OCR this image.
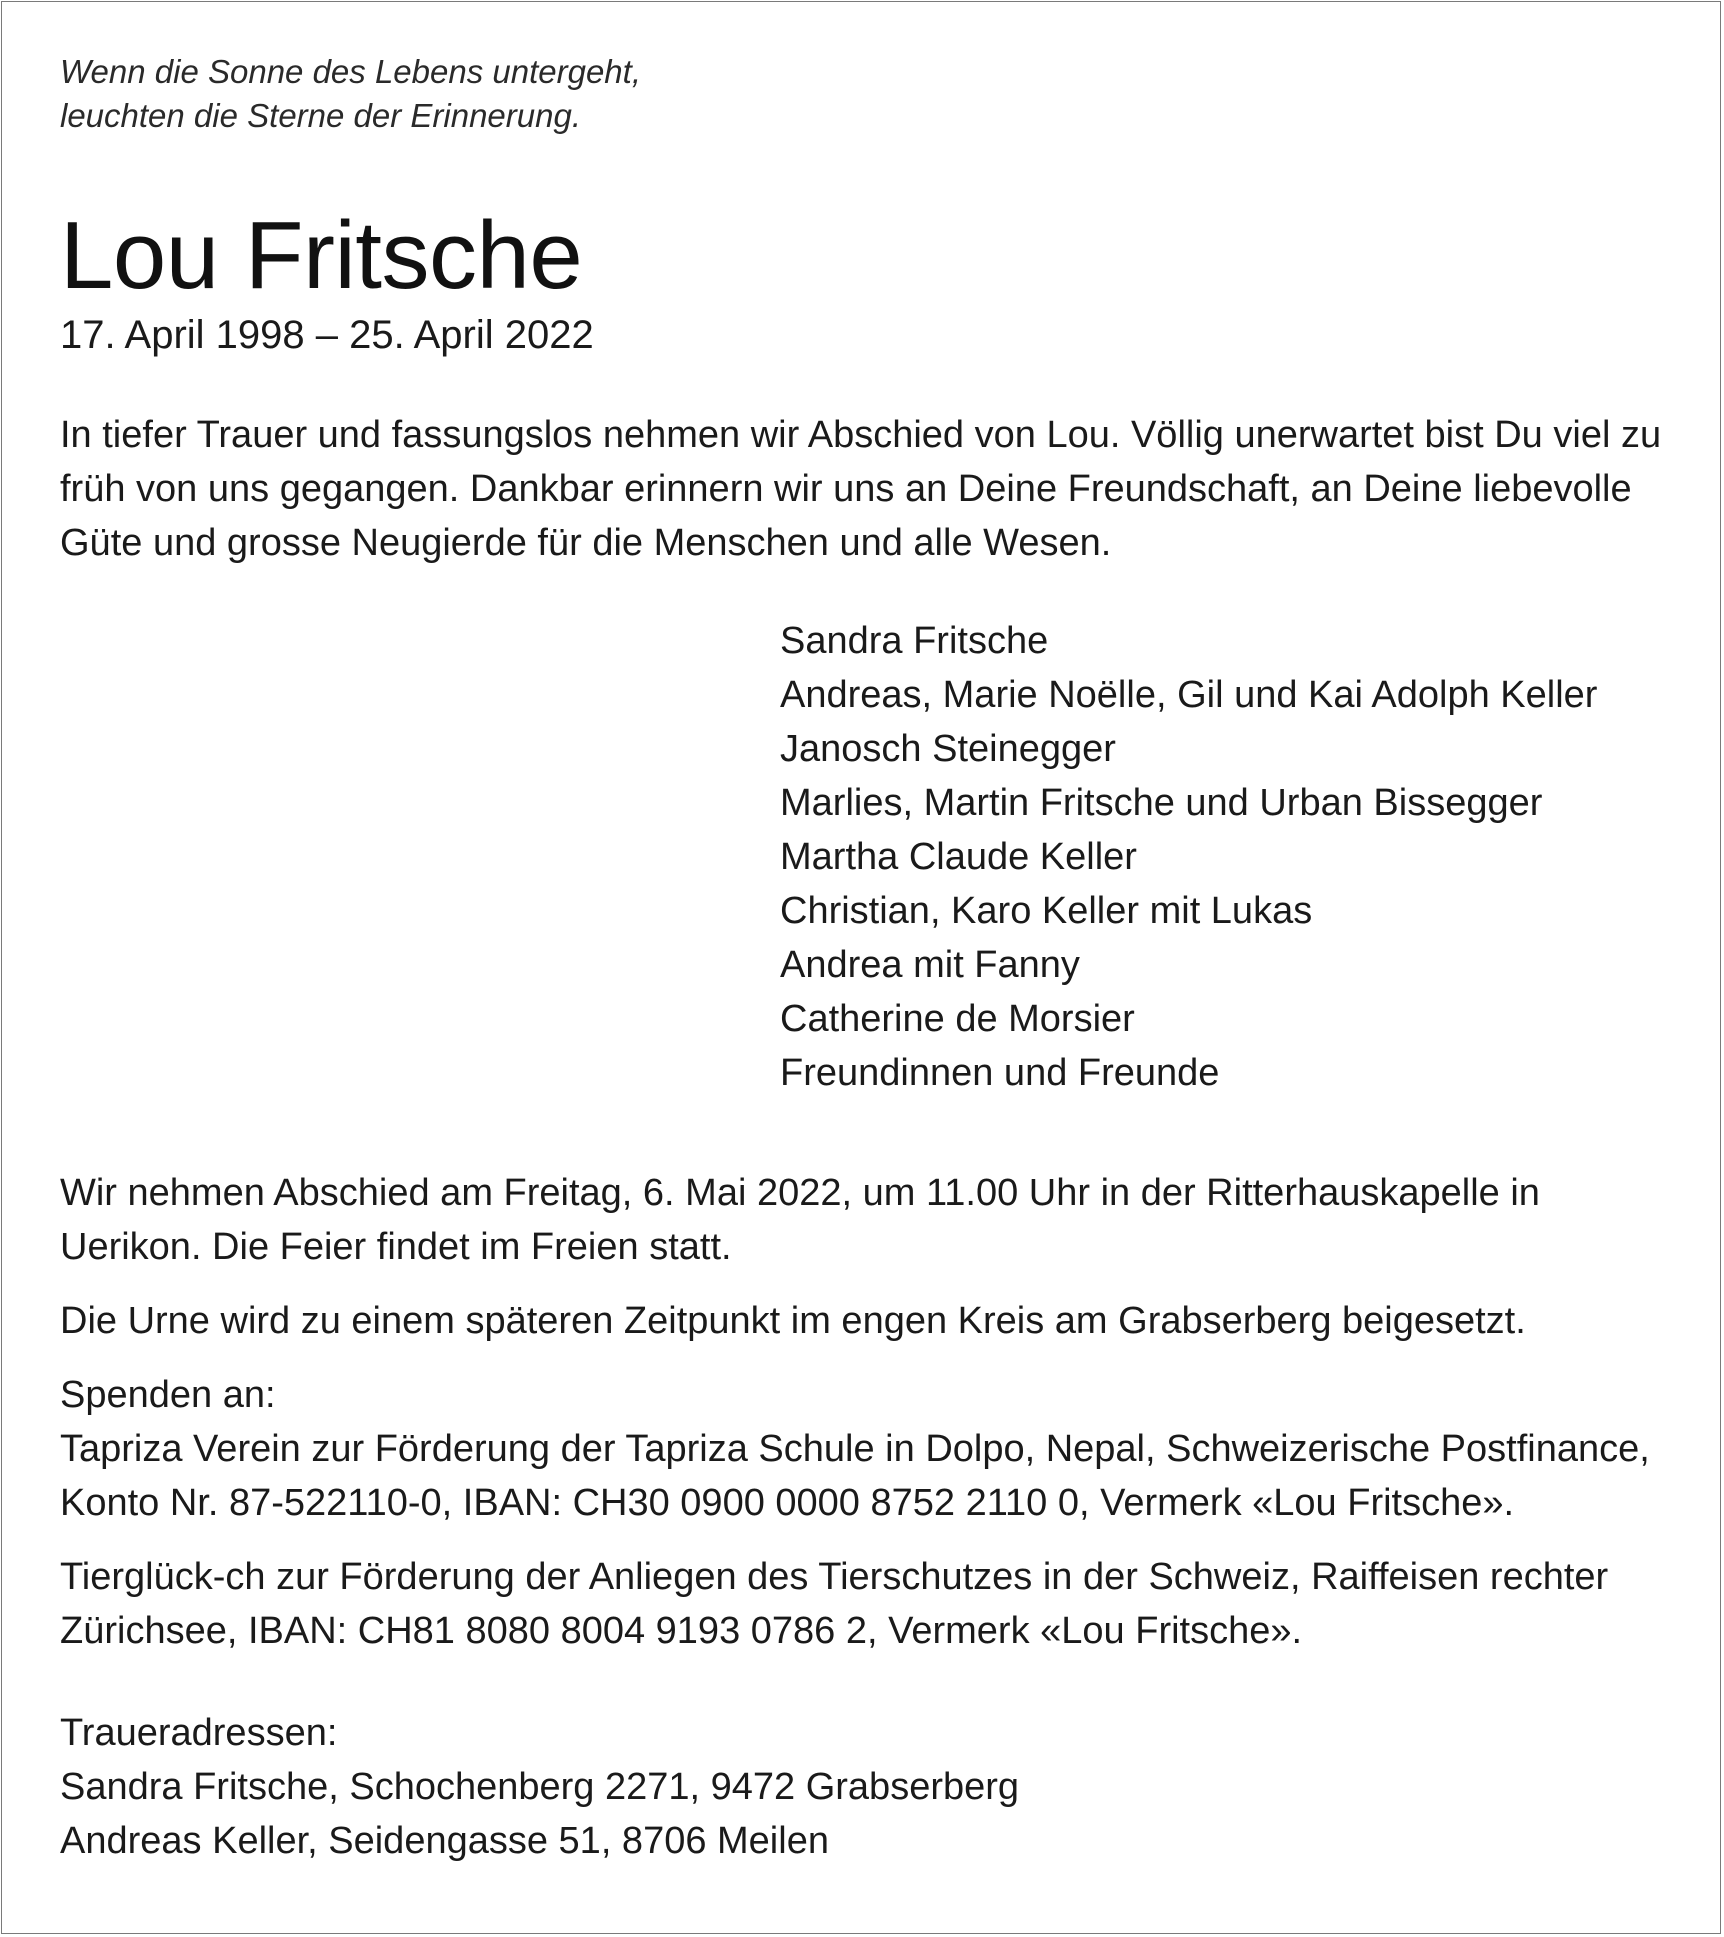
Wenn die Sonne des Lebens untergeht,
leuchten die Sterne der Erinnerung.
Lou Fritsche
17. April 1998 – 25. April 2022
In tiefer Trauer und fassungslos nehmen wir Abschied von Lou. Völlig unerwartet bist Du viel zu früh von uns gegangen. Dankbar erinnern wir uns an Deine Freundschaft, an Deine liebevolle Güte und grosse Neugierde für die Menschen und alle Wesen.
Sandra Fritsche
Andreas, Marie Noëlle, Gil und Kai Adolph Keller
Janosch Steinegger
Marlies, Martin Fritsche und Urban Bissegger
Martha Claude Keller
Christian, Karo Keller mit Lukas
Andrea mit Fanny
Catherine de Morsier
Freundinnen und Freunde
Wir nehmen Abschied am Freitag, 6. Mai 2022, um 11.00 Uhr in der Ritterhauskapelle in Uerikon. Die Feier findet im Freien statt.
Die Urne wird zu einem späteren Zeitpunkt im engen Kreis am Grabserberg beigesetzt.
Spenden an:
Tapriza Verein zur Förderung der Tapriza Schule in Dolpo, Nepal, Schweizerische Postfinance, Konto Nr. 87-522110-0, IBAN: CH30 0900 0000 8752 2110 0, Vermerk «Lou Fritsche».
Tierglück-ch zur Förderung der Anliegen des Tierschutzes in der Schweiz, Raiffeisen rechter Zürichsee, IBAN: CH81 8080 8004 9193 0786 2, Vermerk «Lou Fritsche».
Traueradressen:
Sandra Fritsche, Schochenberg 2271, 9472 Grabserberg
Andreas Keller, Seidengasse 51, 8706 Meilen
